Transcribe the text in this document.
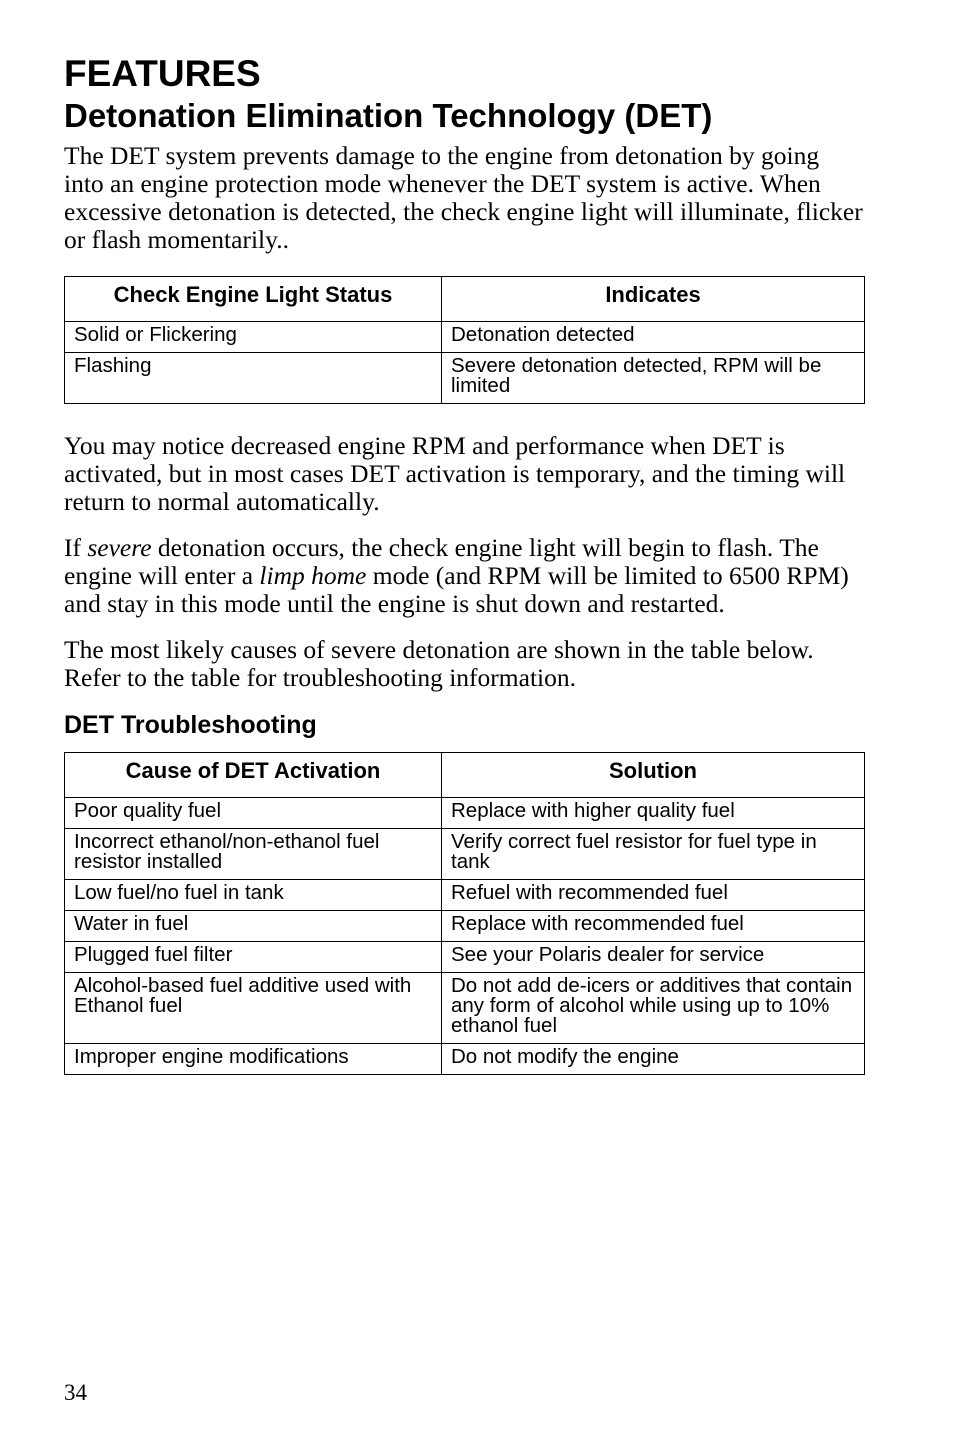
FEATURES
Detonation Elimination Technology (DET)

The DET system prevents damage to the engine from detonation by going into an engine protection mode whenever the DET system is active. When excessive detonation is detected, the check engine light will illuminate, flicker or flash momentarily..

Check Engine Light Status	Indicates
Solid or Flickering	Detonation detected
Flashing	Severe detonation detected, RPM will be limited

You may notice decreased engine RPM and performance when DET is activated, but in most cases DET activation is temporary, and the timing will return to normal automatically.

If severe detonation occurs, the check engine light will begin to flash. The engine will enter a limp home mode (and RPM will be limited to 6500 RPM) and stay in this mode until the engine is shut down and restarted.

The most likely causes of severe detonation are shown in the table below. Refer to the table for troubleshooting information.

DET Troubleshooting
Cause of DET Activation	Solution
Poor quality fuel	Replace with higher quality fuel
Incorrect ethanol/non-ethanol fuel resistor installed	Verify correct fuel resistor for fuel type in tank
Low fuel/no fuel in tank	Refuel with recommended fuel
Water in fuel	Replace with recommended fuel
Plugged fuel filter	See your Polaris dealer for service
Alcohol-based fuel additive used with Ethanol fuel	Do not add de-icers or additives that contain any form of alcohol while using up to 10% ethanol fuel
Improper engine modifications	Do not modify the engine
34
